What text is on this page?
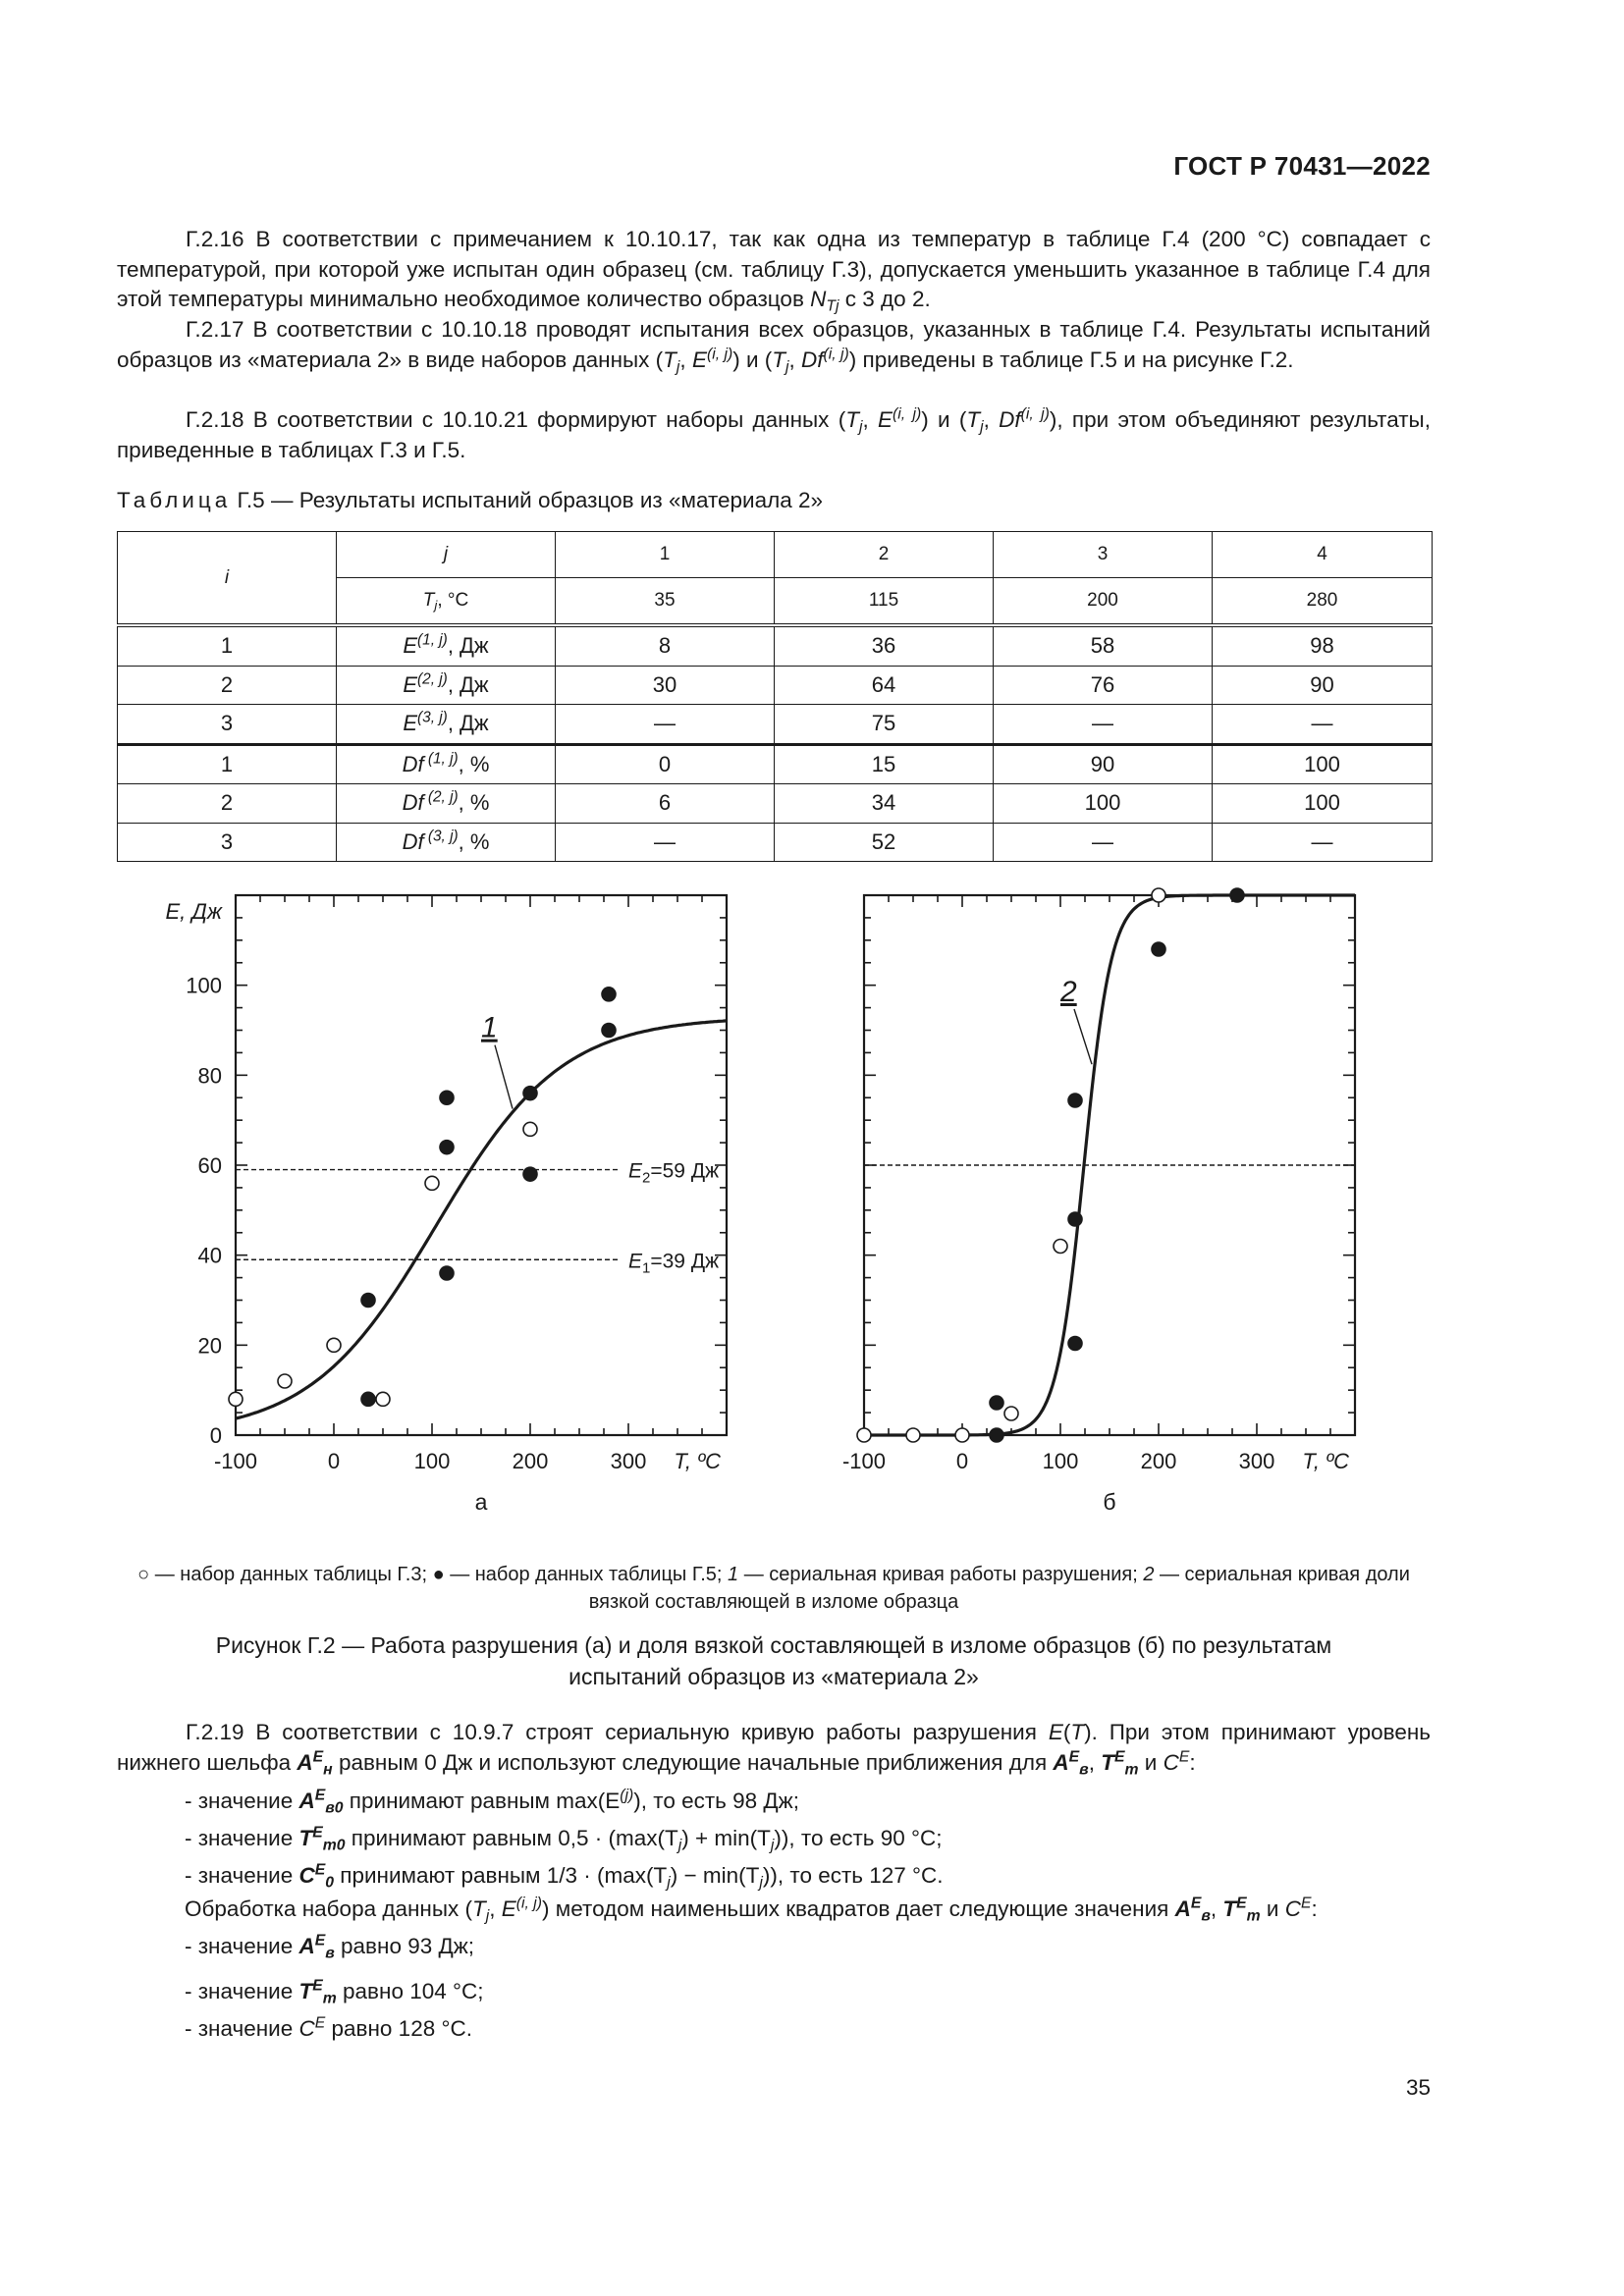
ГОСТ Р 70431—2022

Г.2.16 В соответствии с примечанием к 10.10.17, так как одна из температур в таблице Г.4 (200 °C) совпадает с температурой, при которой уже испытан один образец (см. таблицу Г.3), допускается уменьшить указанное в таблице Г.4 для этой температуры минимально необходимое количество образцов $N_{Tj}$ с 3 до 2.

Г.2.17 В соответствии с 10.10.18 проводят испытания всех образцов, указанных в таблице Г.4. Результаты испытаний образцов из «материала 2» в виде наборов данных ($T_j$, E$^{(i, j)}$) и ($T_j$, Df$^{(i, j)}$) приведены в таблице Г.5 и на рисунке Г.2.

Г.2.18 В соответствии с 10.10.21 формируют наборы данных ($T_j$, E$^{(i, j)}$) и ($T_j$, Df$^{(i, j)}$), при этом объединяют результаты, приведенные в таблицах Г.3 и Г.5.

Таблица Г.5 — Результаты испытаний образцов из «материала 2»
i	j	1	2	3	4
	$T_j$, °C	35	115	200	280
1	E$^{(1, j)}$, Дж	8	36	58	98
2	E$^{(2, j)}$, Дж	30	64	76	90
3	E$^{(3, j)}$, Дж	—	75	—	—
1	Df $^{(1, j)}$, %	0	15	90	100
2	Df $^{(2, j)}$, %	6	34	100	100
3	Df $^{(3, j)}$, %	—	52	—	—
-100	0	100	200	300 T, ºC
0
20
40
60
80
100
E, Дж
а
$E_2=59$ Дж
$E_1=39$ Дж
1
-100	0	100	200	300 T, ºC
б
2
○ — набор данных таблицы Г.3; ● — набор данных таблицы Г.5; 1 — сериальная кривая работы разрушения; 2 — сериальная кривая доли вязкой составляющей в изломе образца
Рисунок Г.2 — Работа разрушения (а) и доля вязкой составляющей в изломе образцов (б) по результатам
испытаний образцов из «материала 2»

Г.2.19 В соответствии с 10.9.7 строят сериальную кривую работы разрушения E(T). При этом принимают уровень нижнего шельфа $A^E_н$ равным 0 Дж и используют следующие начальные приближения для $A^E_в$, $T^E_m$ и $C^E$:

- значение $A^E_{в0}$ принимают равным $\max(E^{(j)})$, то есть 98 Дж;
- значение $T^E_{m0}$ принимают равным $0,5 \cdot (\max(T_j) + \min(T_j))$, то есть 90 °C;
- значение $C^E_0$ принимают равным $1/3 \cdot (\max(T_j) - \min(T_j))$, то есть 127 °C.
Обработка набора данных ($T_j$, E$^{(i, j)}$) методом наименьших квадратов дает следующие значения $A^E_в$, $T^E_m$ и $C^E$:
- значение $A^E_в$ равно 93 Дж;
- значение $T^E_m$ равно 104 °C;
- значение $C^E$ равно 128 °C.
35
